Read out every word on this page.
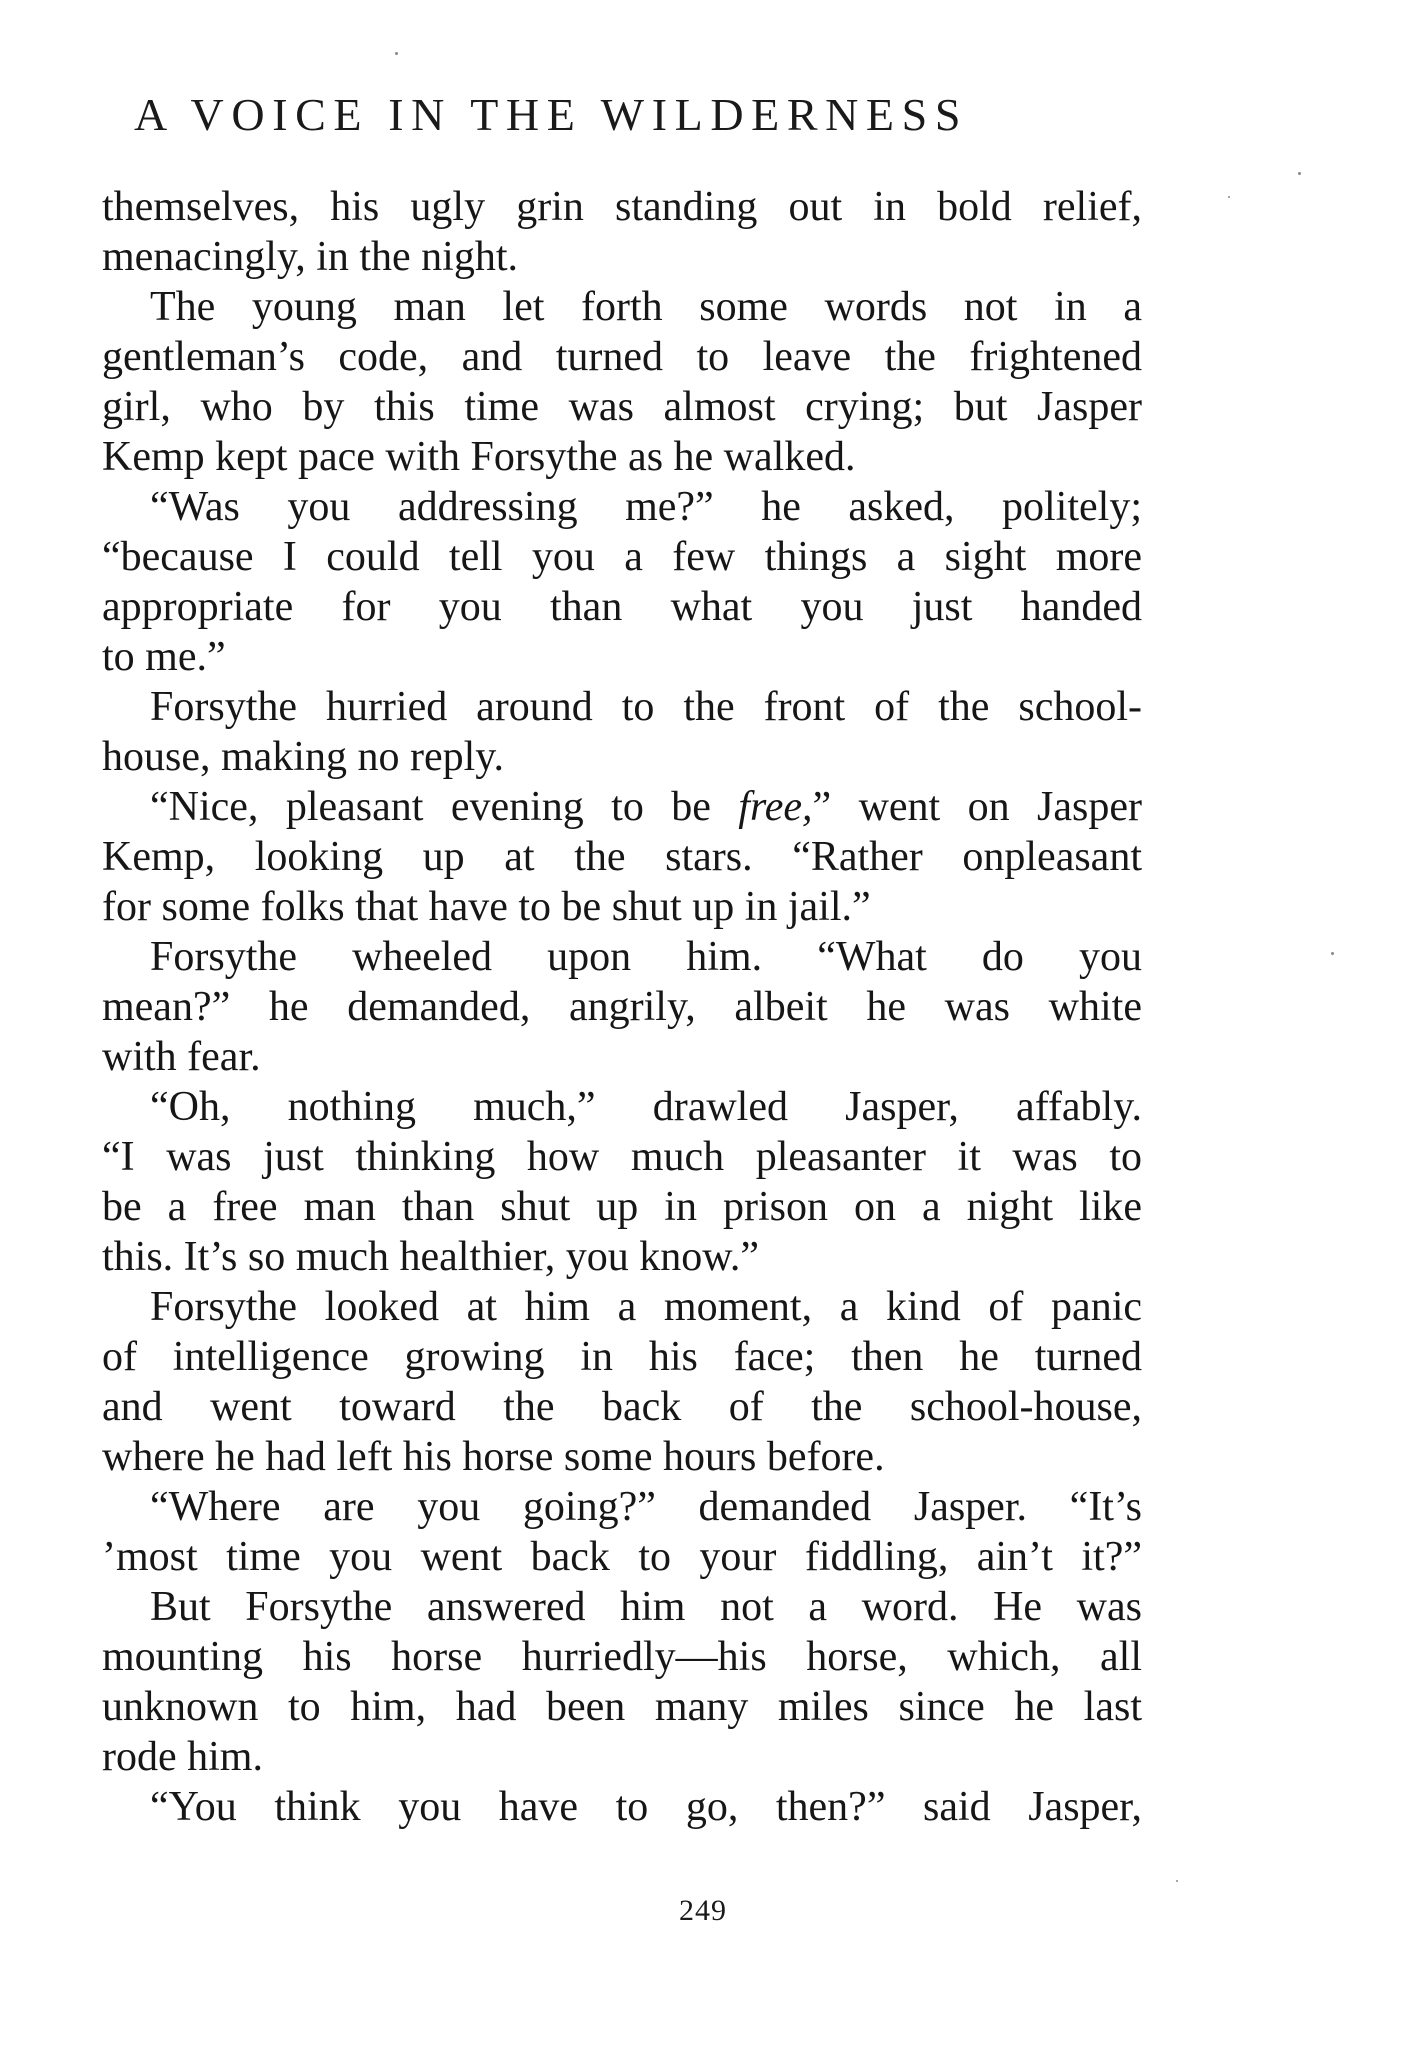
A VOICE IN THE WILDERNESS
themselves, his ugly grin standing out in bold relief,
menacingly, in the night.
The young man let forth some words not in a
gentleman’s code, and turned to leave the frightened
girl, who by this time was almost crying; but Jasper
Kemp kept pace with Forsythe as he walked.
“Was you addressing me?” he asked, politely;
“because I could tell you a few things a sight more
appropriate for you than what you just handed
to me.”
Forsythe hurried around to the front of the school-
house, making no reply.
“Nice, pleasant evening to be free,” went on Jasper
Kemp, looking up at the stars. “Rather onpleasant
for some folks that have to be shut up in jail.”
Forsythe wheeled upon him. “What do you
mean?” he demanded, angrily, albeit he was white
with fear.
“Oh, nothing much,” drawled Jasper, affably.
“I was just thinking how much pleasanter it was to
be a free man than shut up in prison on a night like
this. It’s so much healthier, you know.”
Forsythe looked at him a moment, a kind of panic
of intelligence growing in his face; then he turned
and went toward the back of the school-house,
where he had left his horse some hours before.
“Where are you going?” demanded Jasper. “It’s
’most time you went back to your fiddling, ain’t it?”
But Forsythe answered him not a word. He was
mounting his horse hurriedly—his horse, which, all
unknown to him, had been many miles since he last
rode him.
“You think you have to go, then?” said Jasper,
249
